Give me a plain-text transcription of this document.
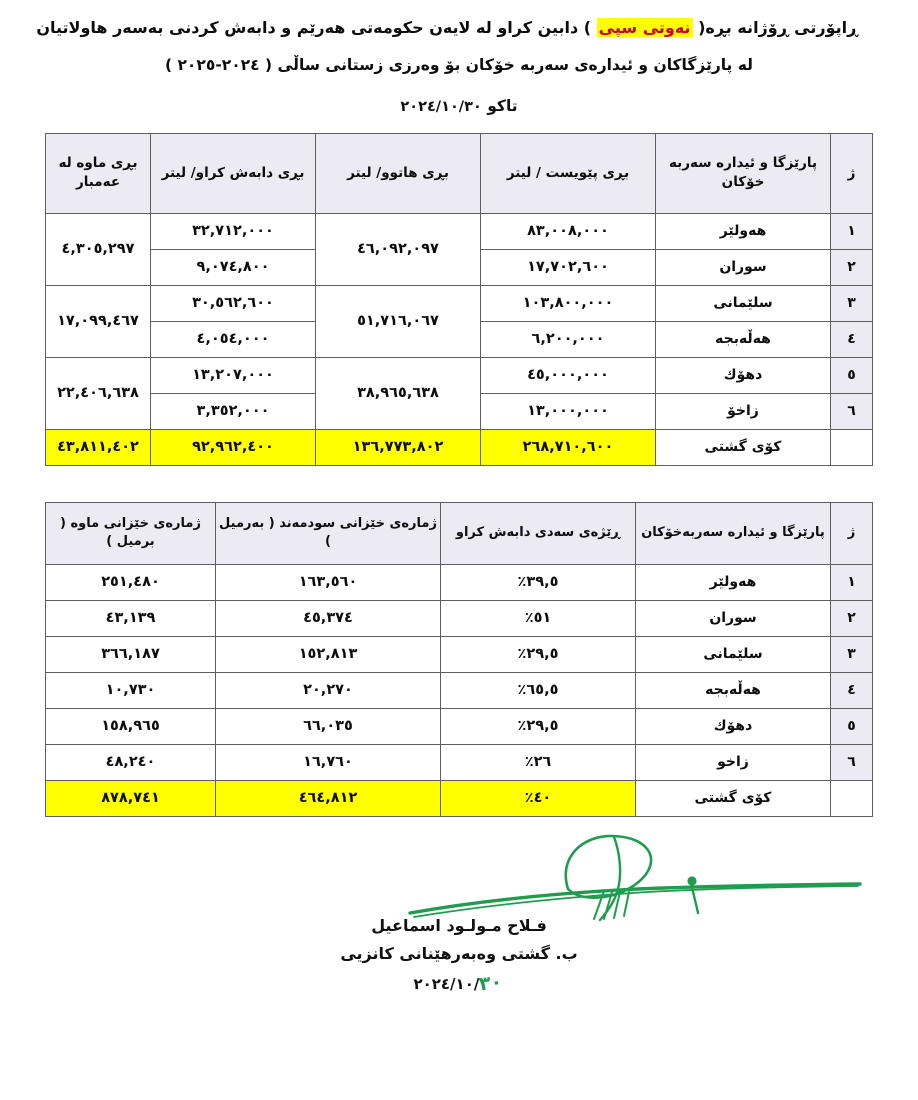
ڕاپۆرتی ڕۆژانە بڕە( نەوتی سپی ) دابین کراو لە لایەن حکومەتی هەرێم و دابەش کردنی بەسەر هاولاتیان
لە پارێزگاکان و ئیدارەی سەربە خۆکان بۆ وەرزی زستانی ساڵی ( ٢٠٢٤-٢٠٢٥ )
تاکو ٢٠٢٤/١٠/٣٠
ژ	پارێزگا و ئیدارە سەربە خۆکان	بڕی پێویست / لیتر	بڕی هاتوو/ لیتر	بڕی دابەش کراو/ لیتر	بڕی ماوە لە عەمبار
١	هەولێر	٨٣,٠٠٨,٠٠٠	٤٦,٠٩٢,٠٩٧	٣٢,٧١٢,٠٠٠	٤,٣٠٥,٢٩٧
٢	سوران	١٧,٧٠٢,٦٠٠		٩,٠٧٤,٨٠٠	
٣	سلێمانی	١٠٣,٨٠٠,٠٠٠	٥١,٧١٦,٠٦٧	٣٠,٥٦٢,٦٠٠	١٧,٠٩٩,٤٦٧
٤	هەڵەبجە	٦,٢٠٠,٠٠٠		٤,٠٥٤,٠٠٠	
٥	دهۆك	٤٥,٠٠٠,٠٠٠	٣٨,٩٦٥,٦٣٨	١٣,٢٠٧,٠٠٠	٢٢,٤٠٦,٦٣٨
٦	زاخۆ	١٣,٠٠٠,٠٠٠		٣,٣٥٢,٠٠٠	
	کۆی گشتی	٢٦٨,٧١٠,٦٠٠	١٣٦,٧٧٣,٨٠٢	٩٢,٩٦٢,٤٠٠	٤٣,٨١١,٤٠٢
ژ	پارێزگا و ئیدارە سەربەخۆکان	ڕێژەی سەدی دابەش کراو	ژمارەی خێزانی سودمەند ( بەرمیل )	ژمارەی خێزانی ماوە ( برمیل )
١	هەولێر	٪٣٩,٥	١٦٣,٥٦٠	٢٥١,٤٨٠
٢	سوران	٪٥١	٤٥,٣٧٤	٤٣,١٣٩
٣	سلێمانی	٪٢٩,٥	١٥٢,٨١٣	٣٦٦,١٨٧
٤	هەڵەبجە	٪٦٥,٥	٢٠,٢٧٠	١٠,٧٣٠
٥	دهۆك	٪٢٩,٥	٦٦,٠٣٥	١٥٨,٩٦٥
٦	زاخو	٪٢٦	١٦,٧٦٠	٤٨,٢٤٠
	کۆی گشتی	٪٤٠	٤٦٤,٨١٢	٨٧٨,٧٤١
فـلاح مـولـود اسماعیل
ب. گشتی وەبەرهێنانی کانزیی
٣٠٢٠٢٤/١٠/
